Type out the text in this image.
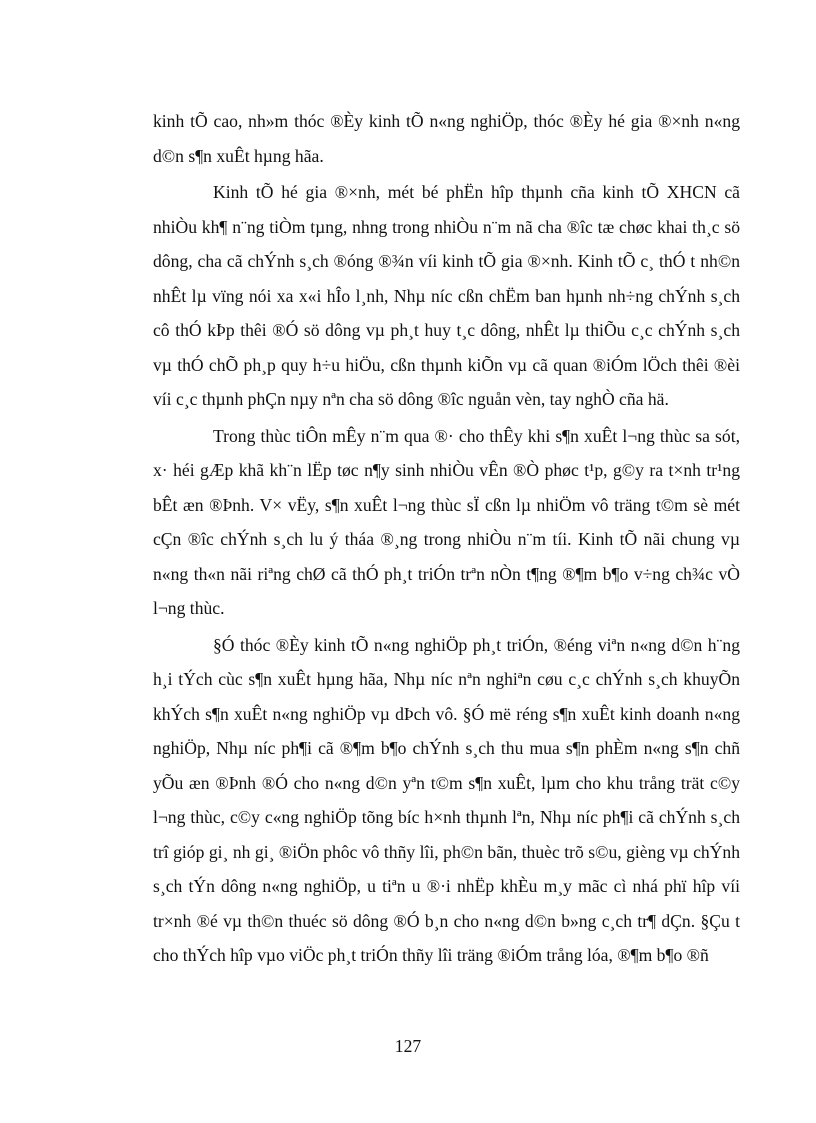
kinh tÕ cao, nh»m thóc ®Èy kinh tÕ n«ng nghiÖp, thóc ®Èy hé gia ®×nh n«ng d©n s¶n xuÊt hµng hãa.

Kinh tÕ hé gia ®×nh, mét bé phËn hîp thµnh cña kinh tÕ XHCN cã nhiÒu kh¶ n¨ng tiÒm tµng, nhng trong nhiÒu n¨m nã cha ®îc tæ chøc khai th¸c sö dông, cha cã chÝnh s¸ch ®óng ®¾n víi kinh tÕ gia ®×nh. Kinh tÕ c¸ thÓ t nh©n nhÊt lµ vïng nói xa x«i hÎo l¸nh, Nhµ níc cßn chËm ban hµnh nh÷ng chÝnh s¸ch cô thÓ kÞp thêi ®Ó sö dông vµ ph¸t huy t¸c dông, nhÊt lµ thiÕu c¸c chÝnh s¸ch vµ thÓ chÕ ph¸p quy h÷u hiÖu, cßn thµnh kiÕn vµ cã quan ®iÓm lÖch thêi ®èi víi c¸c thµnh phÇn nµy nªn cha sö dông ®îc nguån vèn, tay nghÒ cña hä.

Trong thùc tiÔn mÊy n¨m qua ®· cho thÊy khi s¶n xuÊt l¬ng thùc sa sót, x· héi gÆp khã kh¨n lËp tøc n¶y sinh nhiÒu vÊn ®Ò phøc t¹p, g©y ra t×nh tr¹ng bÊt æn ®Þnh. V× vËy, s¶n xuÊt l¬ng thùc sÏ cßn lµ nhiÖm vô träng t©m sè mét cÇn ®îc chÝnh s¸ch lu ý tháa ®¸ng trong nhiÒu n¨m tíi. Kinh tÕ nãi chung vµ n«ng th«n nãi riªng chØ cã thÓ ph¸t triÓn trªn nÒn t¶ng ®¶m b¶o v÷ng ch¾c vÒ l¬ng thùc.

§Ó thóc ®Èy kinh tÕ n«ng nghiÖp ph¸t triÓn, ®éng viªn n«ng d©n h¨ng h¸i tÝch cùc s¶n xuÊt hµng hãa, Nhµ níc nªn nghiªn cøu c¸c chÝnh s¸ch khuyÕn khÝch s¶n xuÊt n«ng nghiÖp vµ dÞch vô. §Ó më réng s¶n xuÊt kinh doanh n«ng nghiÖp, Nhµ níc ph¶i cã ®¶m b¶o chÝnh s¸ch thu mua s¶n phÈm n«ng s¶n chñ yÕu æn ®Þnh ®Ó cho n«ng d©n yªn t©m s¶n xuÊt, lµm cho khu trång trät c©y l¬ng thùc, c©y c«ng nghiÖp tõng bíc h×nh thµnh lªn, Nhµ níc ph¶i cã chÝnh s¸ch trî gióp gi¸ nh gi¸ ®iÖn phôc vô thñy lîi, ph©n bãn, thuèc trõ s©u, gièng vµ chÝnh s¸ch tÝn dông n«ng nghiÖp, u tiªn u ®·i nhËp khÈu m¸y mãc cì nhá phï hîp víi tr×nh ®é vµ th©n thuéc sö dông ®Ó b¸n cho n«ng d©n b»ng c¸ch tr¶ dÇn. §Çu t cho thÝch hîp vµo viÖc ph¸t triÓn thñy lîi träng ®iÓm trång lóa, ®¶m b¶o ®ñ

127
